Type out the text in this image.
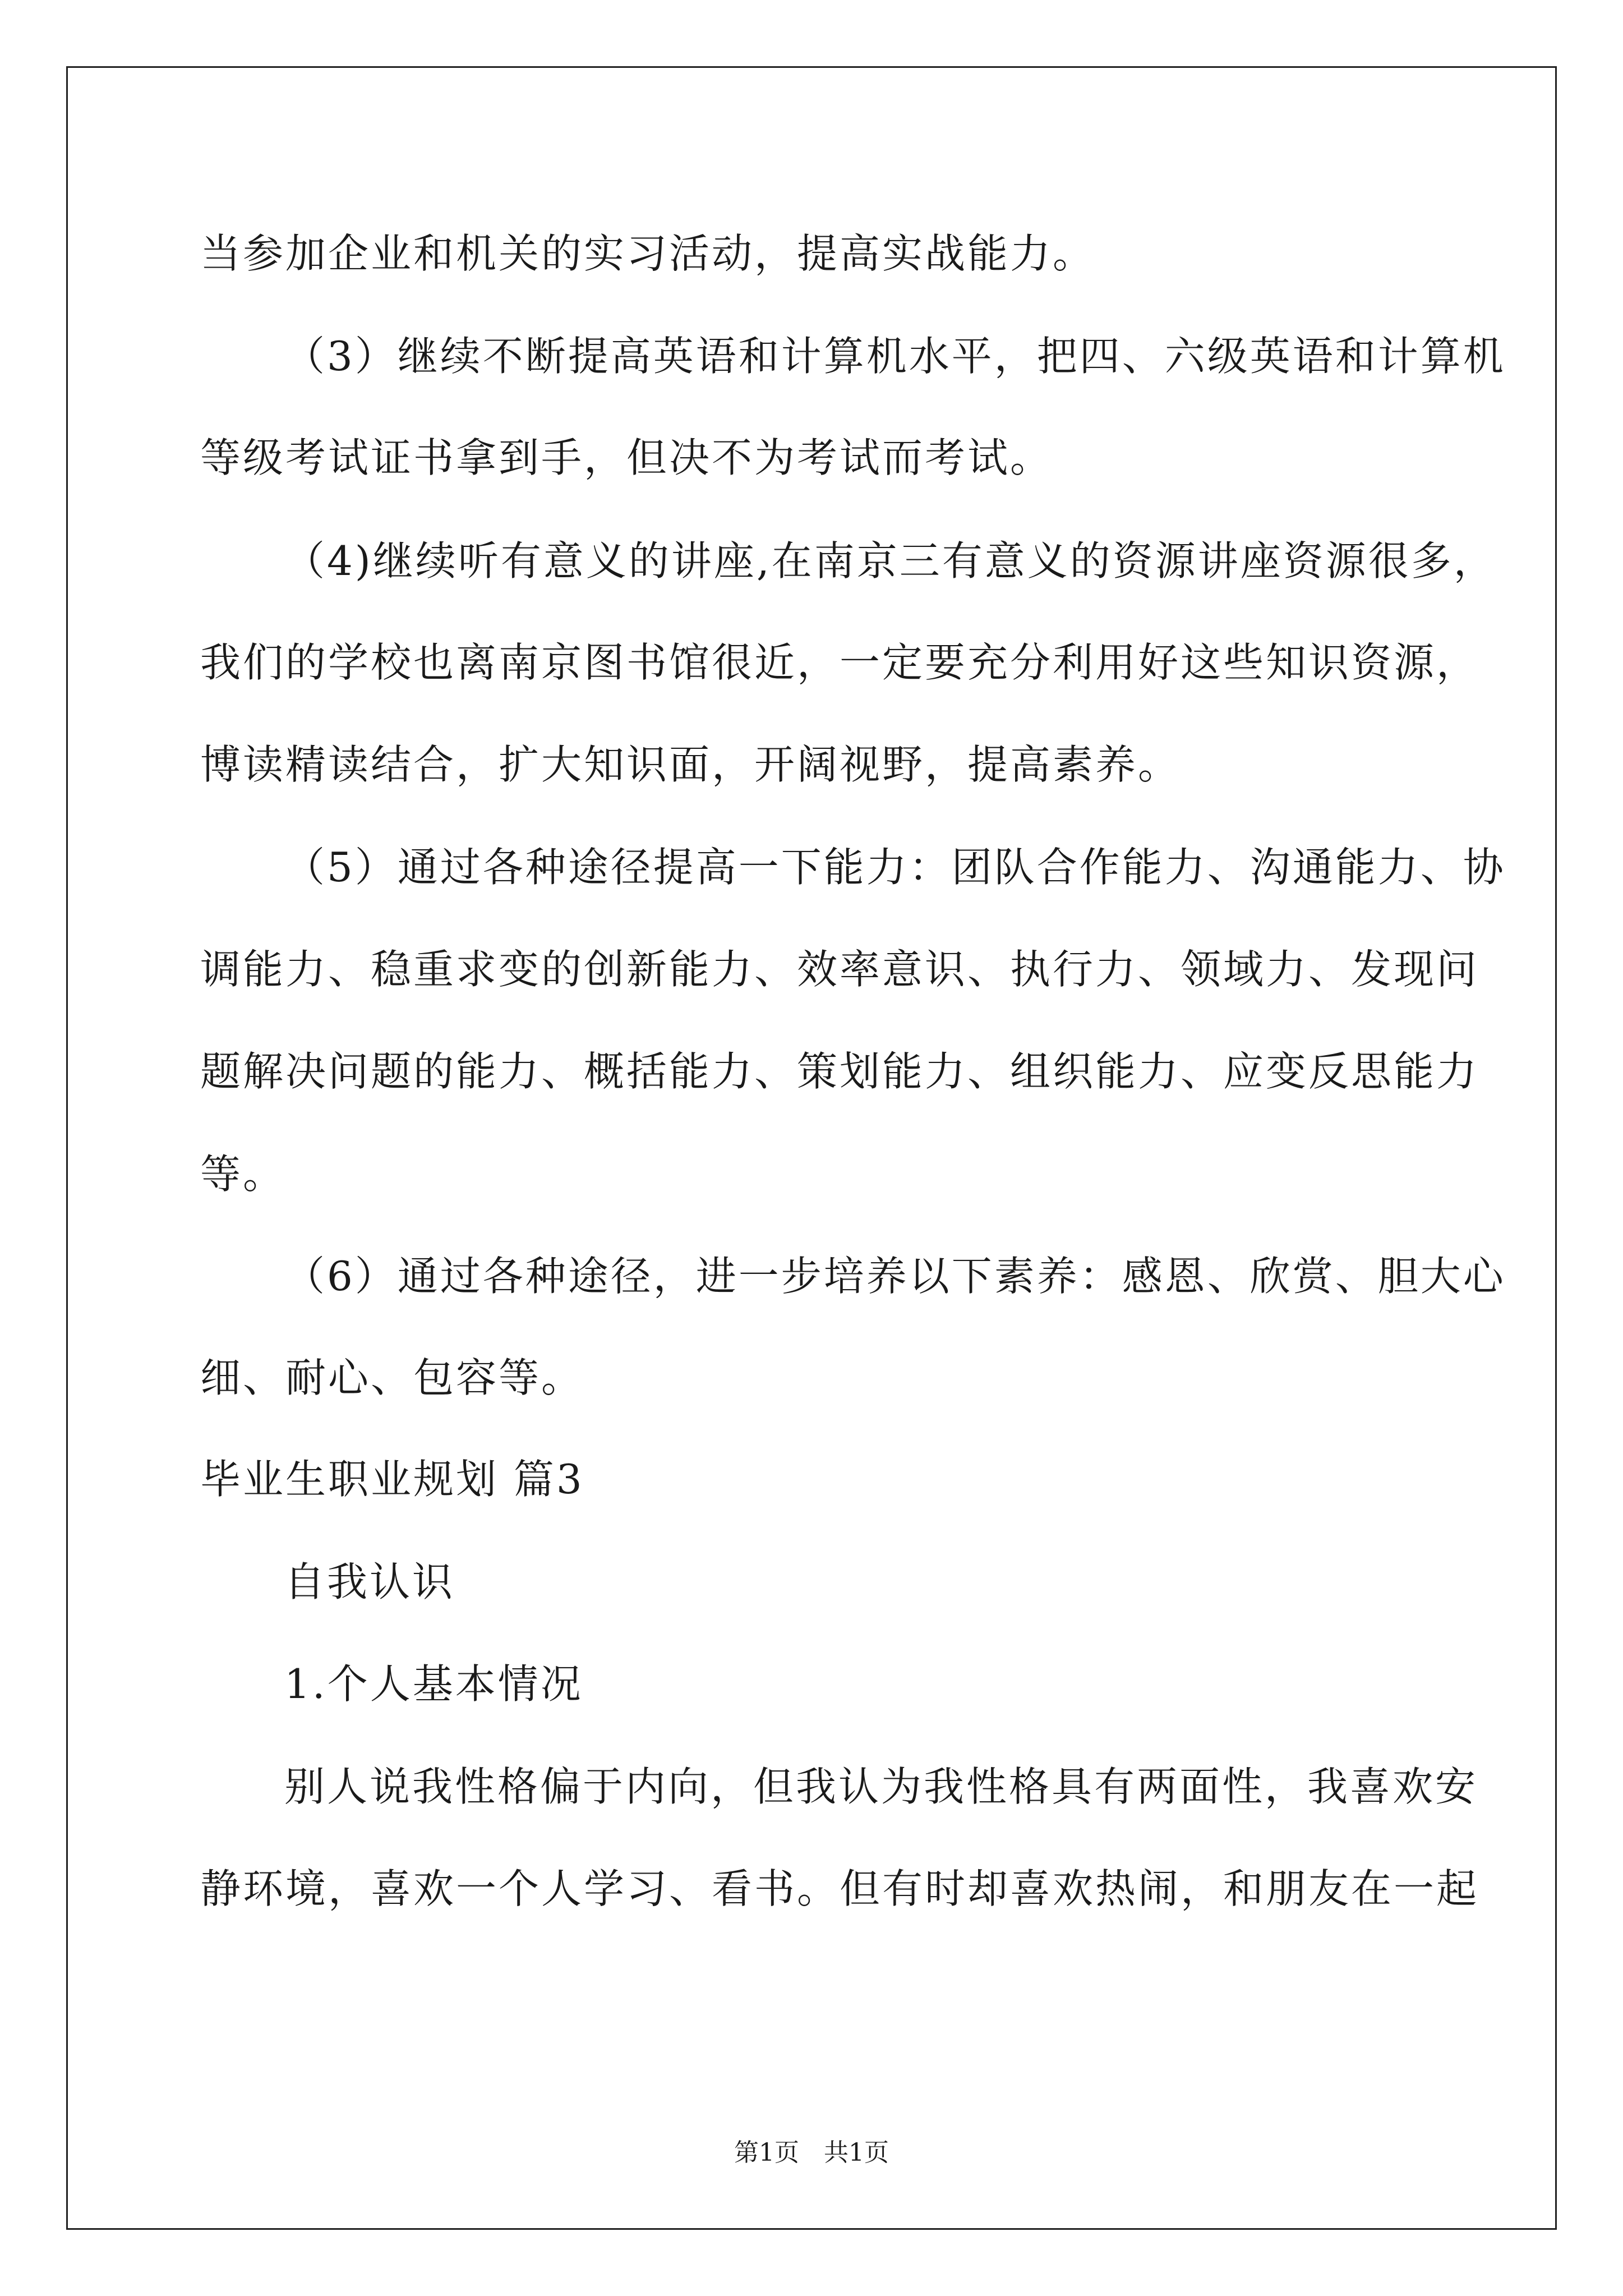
当参加企业和机关的实习活动，提高实战能力。
（3）继续不断提高英语和计算机水平，把四、六级英语和计算机
等级考试证书拿到手，但决不为考试而考试。
（4)继续听有意义的讲座,在南京三有意义的资源讲座资源很多，
我们的学校也离南京图书馆很近，一定要充分利用好这些知识资源，
博读精读结合，扩大知识面，开阔视野，提高素养。
（5）通过各种途径提高一下能力：团队合作能力、沟通能力、协
调能力、稳重求变的创新能力、效率意识、执行力、领域力、发现问
题解决问题的能力、概括能力、策划能力、组织能力、应变反思能力
等。
（6）通过各种途径，进一步培养以下素养：感恩、欣赏、胆大心
细、耐心、包容等。
毕业生职业规划 篇3
自我认识
1.个人基本情况
别人说我性格偏于内向，但我认为我性格具有两面性，我喜欢安
静环境，喜欢一个人学习、看书。但有时却喜欢热闹，和朋友在一起
第1页 共1页
